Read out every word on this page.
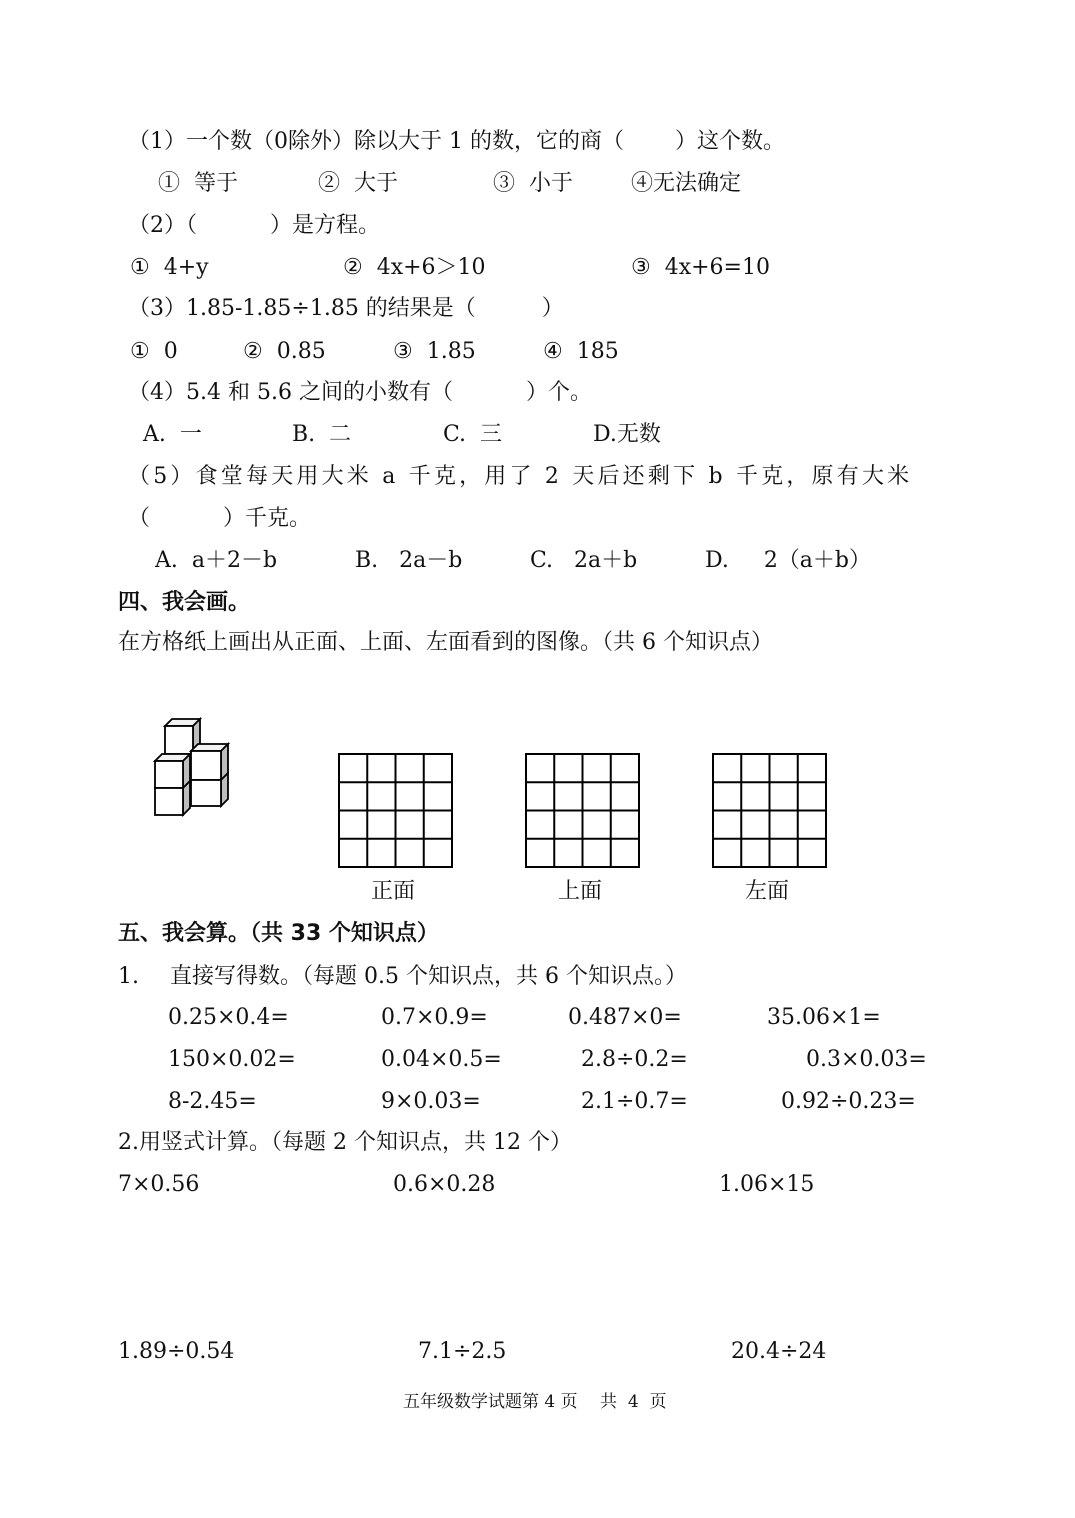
（1）一个数（0除外）除以大于 1 的数，它的商（　　 ）这个数。
①  等于	②  大于	③  小于	④无法确定
（2）（　　　 ）是方程。
①  4+y	②  4x+6＞10	③  4x+6=10
（3）1.85-1.85÷1.85 的结果是（　　　）
①  0	②  0.85	③  1.85	④  185
（4）5.4 和 5.6 之间的小数有（　　　 ）个。
A.  一	B.  二	C.  三	D.无数
（5）食堂每天用大米 a 千克，用了 2 天后还剩下 b 千克，原有大米
（　　　 ）千克。
A.  a＋2－b	B.   2a－b	C.   2a＋b	D.     2（a＋b）
四、我会画。
在方格纸上画出从正面、上面、左面看到的图像。（共 6 个知识点）
正面	上面	左面
五、我会算。（共 33 个知识点）
1. 直接写得数。（每题 0.5 个知识点，共 6 个知识点。）
0.25×0.4=	0.7×0.9=	0.487×0=	35.06×1=
150×0.02=	0.04×0.5=	2.8÷0.2=	0.3×0.03=
8-2.45=	9×0.03=	2.1÷0.7=	0.92÷0.23=
2.用竖式计算。（每题 2 个知识点，共 12 个）
7×0.56	0.6×0.28	1.06×15
1.89÷0.54	7.1÷2.5	20.4÷24
五年级数学试题第 4 页　 共  4  页
